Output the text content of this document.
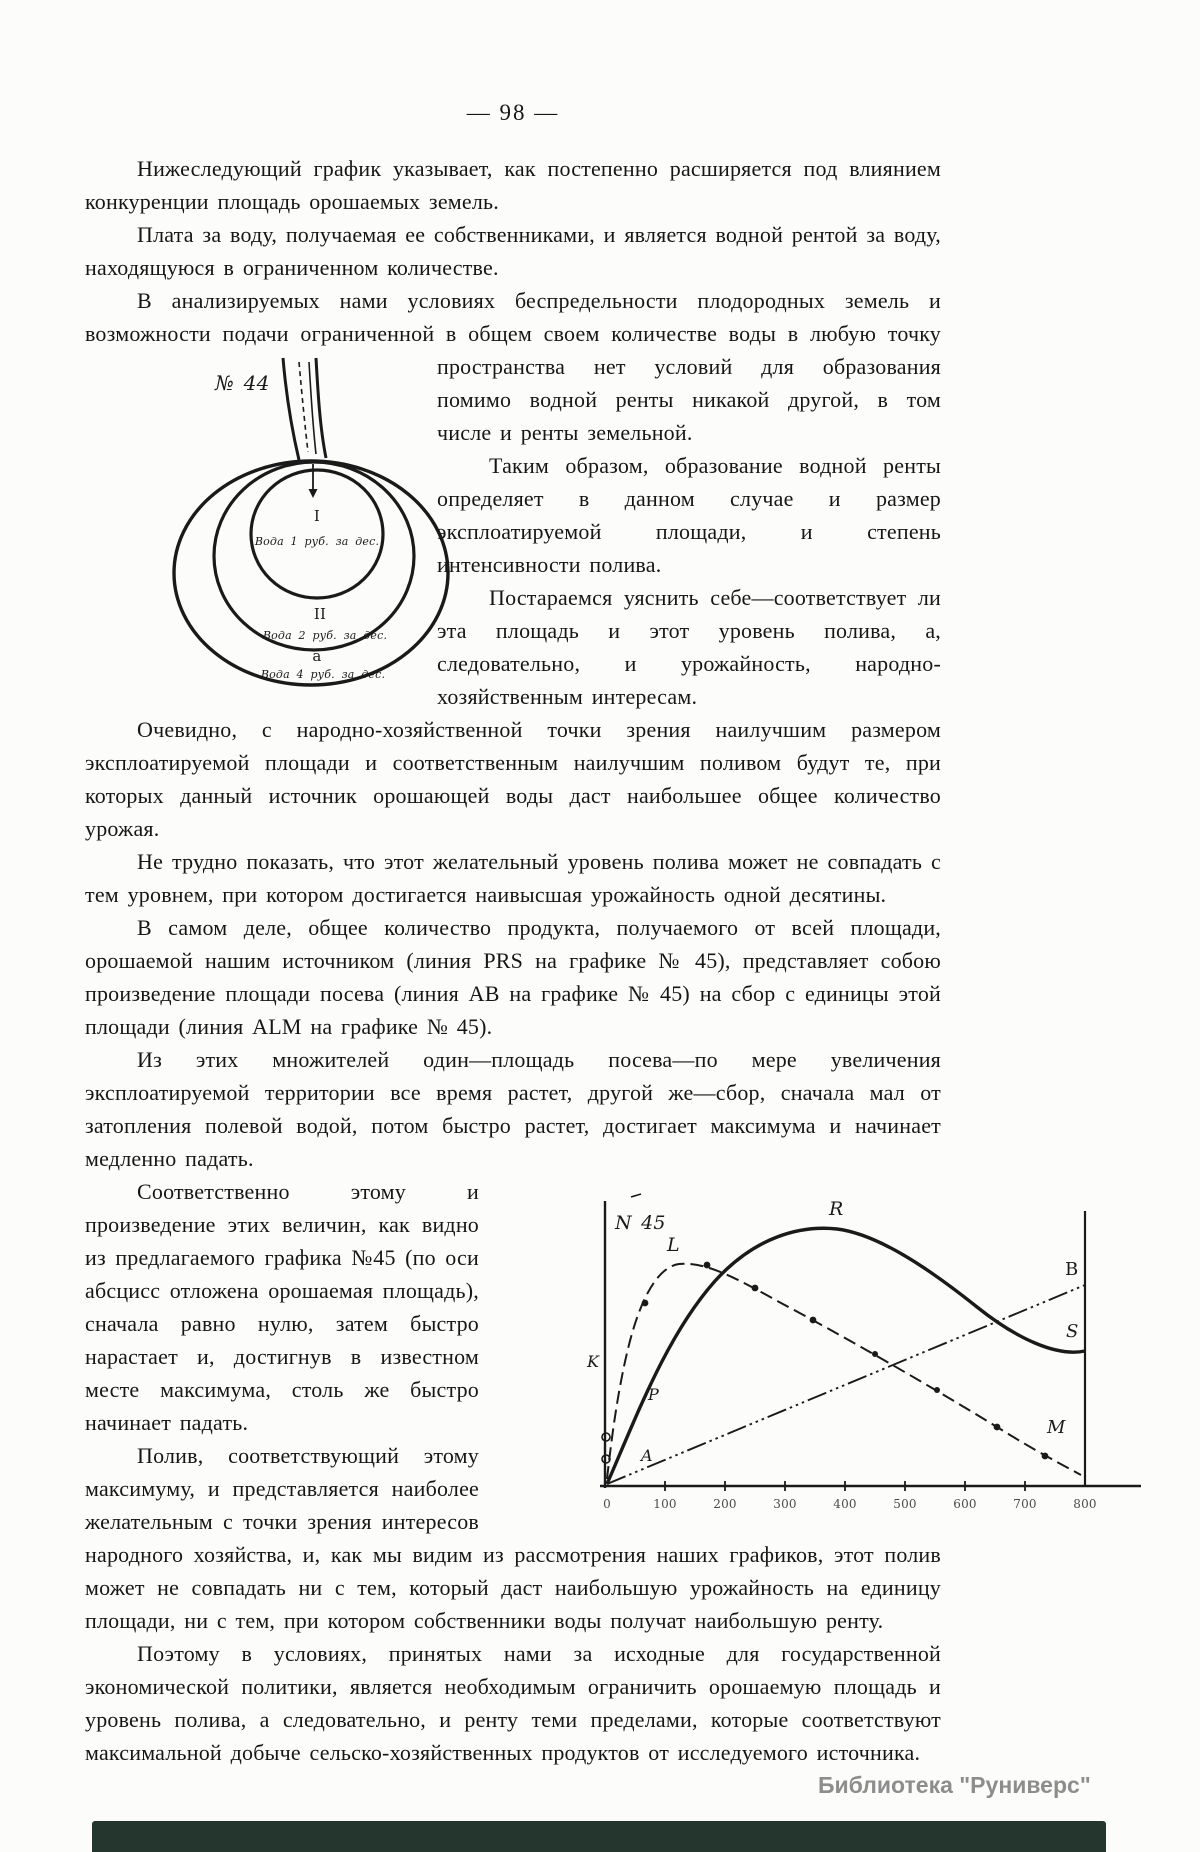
— 98 —

Нижеследующий график указывает, как постепенно расширяется под влиянием конкуренции площадь орошаемых земель.

Плата за воду, получаемая ее собственниками, и является водной рентой за воду, находящуюся в ограниченном количестве.

В анализируемых нами условиях беспредельности плодородных земель и возможности подачи ограниченной в общем своем количестве воды в любую точку пространства
№ 44
I
Вода 1 руб. за дес.
II
Вода 2 руб. за дес.
а
Вода 4 руб. за дес.
нет условий для образования помимо водной ренты никакой другой, в том числе и ренты земельной.

Таким образом, образование водной ренты определяет в данном случае и размер эксплоатируемой площади, и степень интенсивности полива.

Постараемся уяснить себе—соответствует ли эта площадь и этот уровень полива, а, следовательно, и урожайность, народно-хозяйственным интересам.

Очевидно, с народно-хозяйственной точки зрения наилучшим размером эксплоатируемой площади и соответственным наилучшим поливом будут те, при которых данный источник орошающей воды даст наибольшее общее количество урожая.

Не трудно показать, что этот желательный уровень полива может не совпадать с тем уровнем, при котором достигается наивысшая урожайность одной десятины.

В самом деле, общее количество продукта, получаемого от всей площади, орошаемой нашим источником (линия PRS на графике № 45), представляет собою произведение площади посева (линия АВ на графике № 45) на сбор с единицы этой площади (линия ALM на графике № 45).

Из этих множителей один—площадь посева—по мере увеличения эксплоатируемой территории все время растет, другой же—сбор, сначала мал от затопления полевой водой, потом быстро растет, достигает максимума и начинает медленно падать.

N 45
R
L
B
S
M
K
P
A
0	100	200	300	400	500	600	700	800
Соответственно этому и произведение этих величин, как видно из предлагаемого графика №45 (по оси абсцисс отложена орошаемая площадь), сначала равно нулю, затем быстро нарастает и, достигнув в известном месте максимума, столь же быстро начинает падать.

Полив, соответствующий этому максимуму, и представляется наиболее желательным с точки зрения интересов народного хозяйства, и, как мы видим из рассмотрения наших графиков, этот полив может не совпадать ни с тем, который даст наибольшую урожайность на единицу площади, ни с тем, при котором собственники воды получат наибольшую ренту.

Поэтому в условиях, принятых нами за исходные для государственной экономической политики, является необходимым ограничить орошаемую площадь и уровень полива, а следовательно, и ренту теми пределами, которые соответствуют максимальной добыче сельско-хозяйственных продуктов от исследуемого источника.

Библиотека "Руниверс"
